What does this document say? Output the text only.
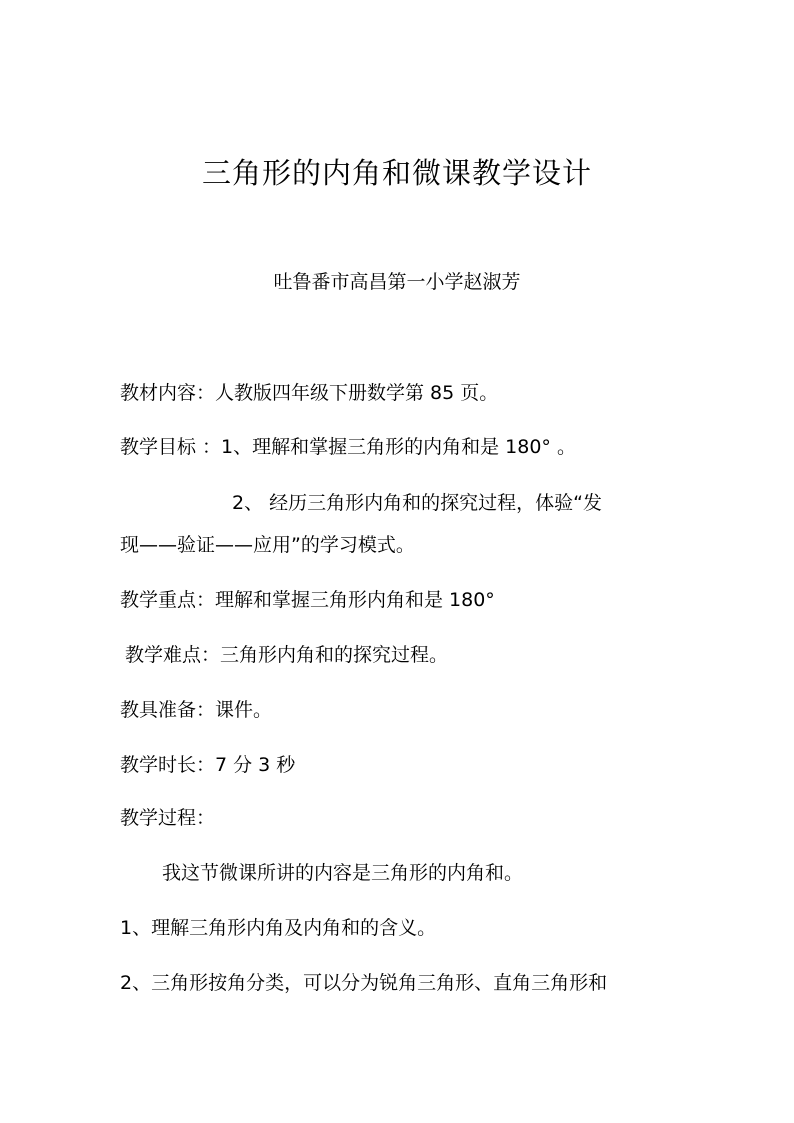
三角形的内角和微课教学设计
吐鲁番市高昌第一小学赵淑芳
教材内容：人教版四年级下册数学第 85 页。
教学目标 ：1、理解和掌握三角形的内角和是 180° 。
2、 经历三角形内角和的探究过程，体验“发
现——验证——应用”的学习模式。
教学重点：理解和掌握三角形内角和是 180°
教学难点：三角形内角和的探究过程。
教具准备：课件。
教学时长：7 分 3 秒
教学过程：
我这节微课所讲的内容是三角形的内角和。
1、理解三角形内角及内角和的含义。
2、三角形按角分类，可以分为锐角三角形、直角三角形和
